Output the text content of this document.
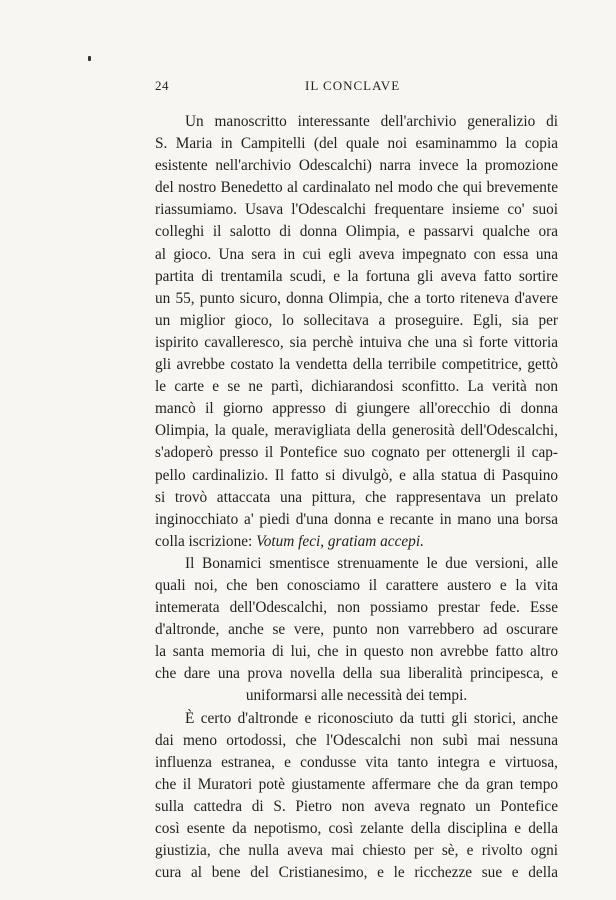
24	IL CONCLAVE
Un manoscritto interessante dell'archivio generalizio di
S. Maria in Campitelli (del quale noi esaminammo la copia
esistente nell'archivio Odescalchi) narra invece la promozione
del nostro Benedetto al cardinalato nel modo che qui brevemente
riassumiamo. Usava l'Odescalchi frequentare insieme co' suoi
colleghi il salotto di donna Olimpia, e passarvi qualche ora
al gioco. Una sera in cui egli aveva impegnato con essa una
partita di trentamila scudi, e la fortuna gli aveva fatto sortire
un 55, punto sicuro, donna Olimpia, che a torto riteneva d'avere
un miglior gioco, lo sollecitava a proseguire. Egli, sia per
ispirito cavalleresco, sia perchè intuiva che una sì forte vittoria
gli avrebbe costato la vendetta della terribile competitrice, gettò
le carte e se ne partì, dichiarandosi sconfitto. La verità non
mancò il giorno appresso di giungere all'orecchio di donna
Olimpia, la quale, meravigliata della generosità dell'Odescalchi,
s'adoperò presso il Pontefice suo cognato per ottenergli il cap-
pello cardinalizio. Il fatto si divulgò, e alla statua di Pasquino
si trovò attaccata una pittura, che rappresentava un prelato
inginocchiato a' piedi d'una donna e recante in mano una borsa
colla iscrizione: Votum feci, gratiam accepi.
Il Bonamici smentisce strenuamente le due versioni, alle
quali noi, che ben conosciamo il carattere austero e la vita
intemerata dell'Odescalchi, non possiamo prestar fede. Esse
d'altronde, anche se vere, punto non varrebbero ad oscurare
la santa memoria di lui, che in questo non avrebbe fatto altro
che dare una prova novella della sua liberalità principesca, e
uniformarsi alle necessità dei tempi.
È certo d'altronde e riconosciuto da tutti gli storici, anche
dai meno ortodossi, che l'Odescalchi non subì mai nessuna
influenza estranea, e condusse vita tanto integra e virtuosa,
che il Muratori potè giustamente affermare che da gran tempo
sulla cattedra di S. Pietro non aveva regnato un Pontefice
così esente da nepotismo, così zelante della disciplina e della
giustizia, che nulla aveva mai chiesto per sè, e rivolto ogni
cura al bene del Cristianesimo, e le ricchezze sue e della
